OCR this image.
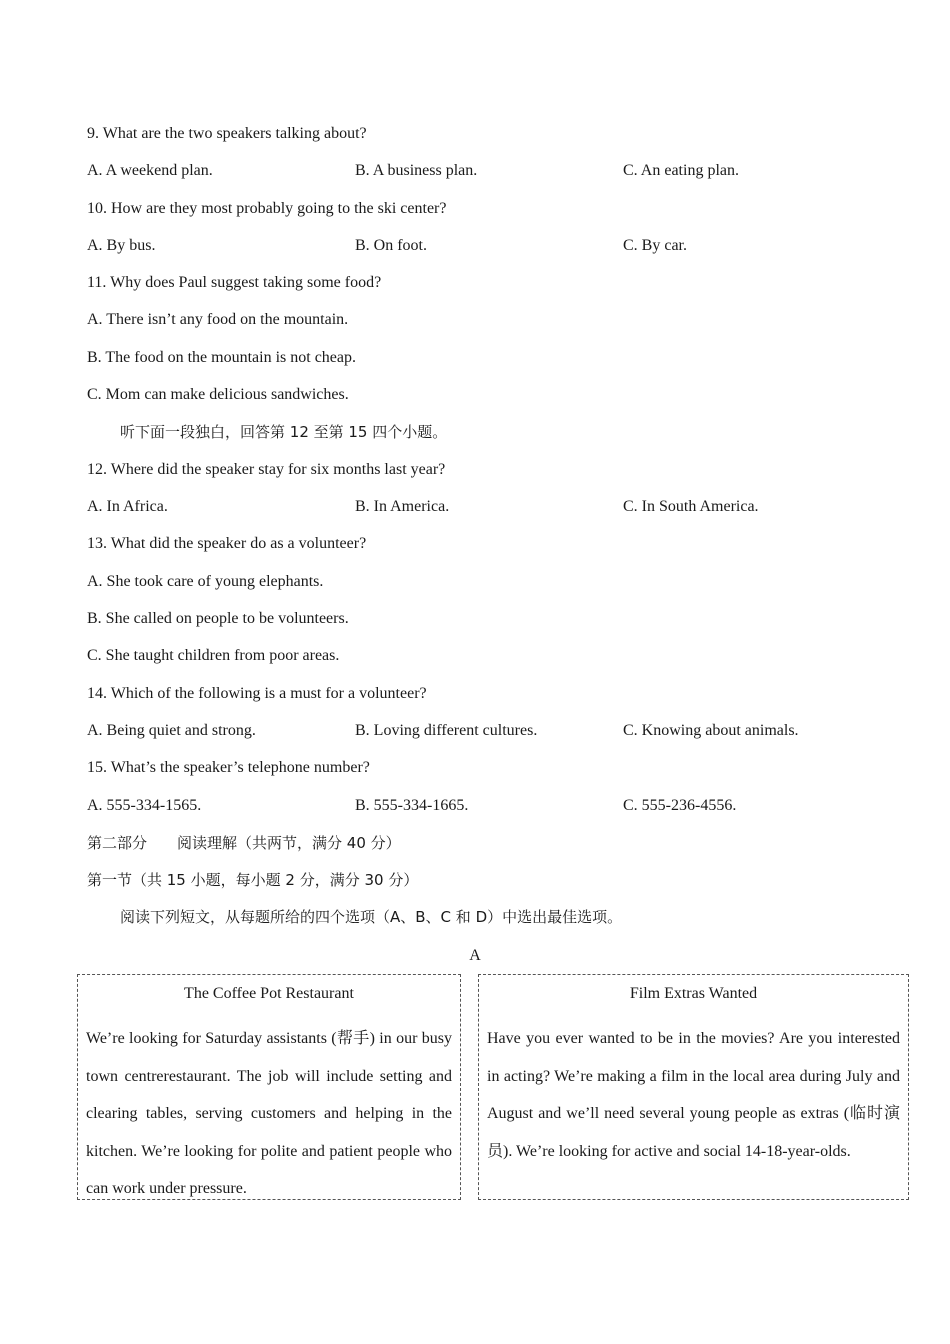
9. What are the two speakers talking about?
A. A weekend plan.	B. A business plan.	C. An eating plan.
10. How are they most probably going to the ski center?
A. By bus.	B. On foot.	C. By car.
11. Why does Paul suggest taking some food?
A. There isn’t any food on the mountain.
B. The food on the mountain is not cheap.
C. Mom can make delicious sandwiches.
听下面一段独白，回答第 12 至第 15 四个小题。
12. Where did the speaker stay for six months last year?
A. In Africa.	B. In America.	C. In South America.
13. What did the speaker do as a volunteer?
A. She took care of young elephants.
B. She called on people to be volunteers.
C. She taught children from poor areas.
14. Which of the following is a must for a volunteer?
A. Being quiet and strong.	B. Loving different cultures.	C. Knowing about animals.
15. What’s the speaker’s telephone number?
A. 555-334-1565.	B. 555-334-1665.	C. 555-236-4556.
第二部分　　阅读理解（共两节，满分 40 分）
第一节（共 15 小题，每小题 2 分，满分 30 分）
阅读下列短文，从每题所给的四个选项（A、B、C 和 D）中选出最佳选项。
A
The Coffee Pot Restaurant

We’re looking for Saturday assistants (帮手) in our busy town centrerestaurant. The job will include setting and clearing tables, serving customers and helping in the kitchen. We’re looking for polite and patient people who can work under pressure.

Film Extras Wanted

Have you ever wanted to be in the movies? Are you interested in acting? We’re making a film in the local area during July and August and we’ll need several young people as extras (临时演员). We’re looking for active and social 14-18-year-olds.
